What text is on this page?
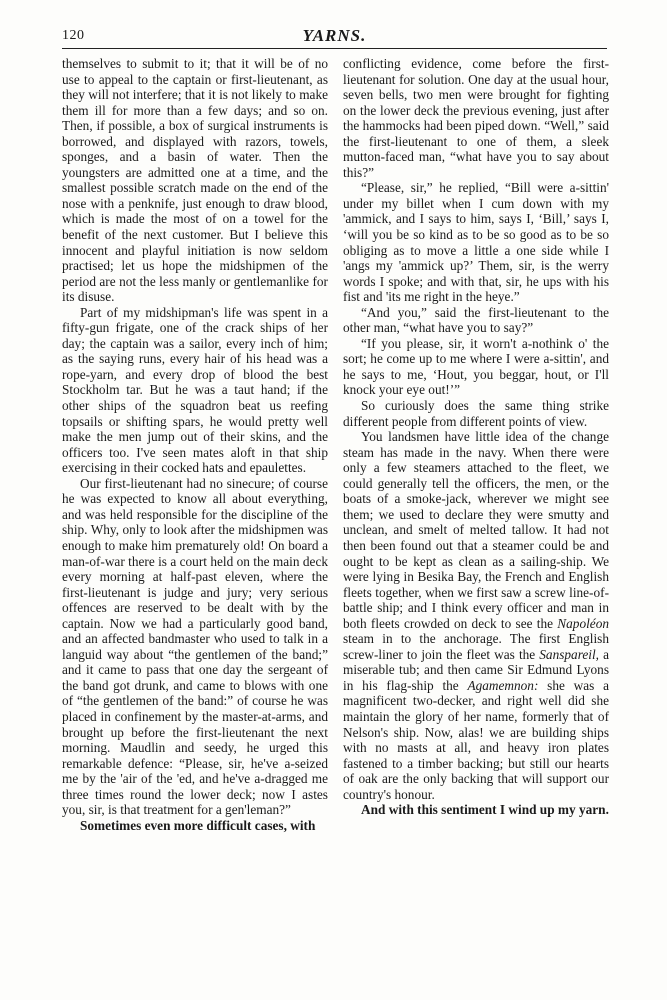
120	YARNS.

themselves to submit to it; that it will be of no use to appeal to the captain or first-lieutenant, as they will not interfere; that it is not likely to make them ill for more than a few days; and so on. Then, if possible, a box of surgical instruments is borrowed, and displayed with razors, towels, sponges, and a basin of water. Then the youngsters are admitted one at a time, and the smallest possible scratch made on the end of the nose with a penknife, just enough to draw blood, which is made the most of on a towel for the benefit of the next customer. But I believe this innocent and playful initiation is now seldom practised; let us hope the midshipmen of the period are not the less manly or gentlemanlike for its disuse.

Part of my midshipman's life was spent in a fifty-gun frigate, one of the crack ships of her day; the captain was a sailor, every inch of him; as the saying runs, every hair of his head was a rope-yarn, and every drop of blood the best Stockholm tar. But he was a taut hand; if the other ships of the squadron beat us reefing topsails or shifting spars, he would pretty well make the men jump out of their skins, and the officers too. I've seen mates aloft in that ship exercising in their cocked hats and epaulettes.

Our first-lieutenant had no sinecure; of course he was expected to know all about everything, and was held responsible for the discipline of the ship. Why, only to look after the midshipmen was enough to make him prematurely old! On board a man-of-war there is a court held on the main deck every morning at half-past eleven, where the first-lieutenant is judge and jury; very serious offences are reserved to be dealt with by the captain. Now we had a particularly good band, and an affected bandmaster who used to talk in a languid way about “the gentlemen of the band;” and it came to pass that one day the sergeant of the band got drunk, and came to blows with one of “the gentlemen of the band:” of course he was placed in confinement by the master-at-arms, and brought up before the first-lieutenant the next morning. Maudlin and seedy, he urged this remarkable defence: “Please, sir, he've a-seized me by the 'air of the 'ed, and he've a-dragged me three times round the lower deck; now I astes you, sir, is that treatment for a gen'leman?”

Sometimes even more difficult cases, with

conflicting evidence, come before the first-lieutenant for solution. One day at the usual hour, seven bells, two men were brought for fighting on the lower deck the previous evening, just after the hammocks had been piped down. “Well,” said the first-lieutenant to one of them, a sleek mutton-faced man, “what have you to say about this?”

“Please, sir,” he replied, “Bill were a-sittin' under my billet when I cum down with my 'ammick, and I says to him, says I, ‘Bill,’ says I, ‘will you be so kind as to be so good as to be so obliging as to move a little a one side while I 'angs my 'ammick up?’ Them, sir, is the werry words I spoke; and with that, sir, he ups with his fist and 'its me right in the heye.”

“And you,” said the first-lieutenant to the other man, “what have you to say?”

“If you please, sir, it worn't a-nothink o' the sort; he come up to me where I were a-sittin', and he says to me, ‘Hout, you beggar, hout, or I'll knock your eye out!’”

So curiously does the same thing strike different people from different points of view.

You landsmen have little idea of the change steam has made in the navy. When there were only a few steamers attached to the fleet, we could generally tell the officers, the men, or the boats of a smoke-jack, wherever we might see them; we used to declare they were smutty and unclean, and smelt of melted tallow. It had not then been found out that a steamer could be and ought to be kept as clean as a sailing-ship. We were lying in Besika Bay, the French and English fleets together, when we first saw a screw line-of-battle ship; and I think every officer and man in both fleets crowded on deck to see the Napoléon steam in to the anchorage. The first English screw-liner to join the fleet was the Sanspareil, a miserable tub; and then came Sir Edmund Lyons in his flag-ship the Agamemnon: she was a magnificent two-decker, and right well did she maintain the glory of her name, formerly that of Nelson's ship. Now, alas! we are building ships with no masts at all, and heavy iron plates fastened to a timber backing; but still our hearts of oak are the only backing that will support our country's honour.

And with this sentiment I wind up my yarn.
